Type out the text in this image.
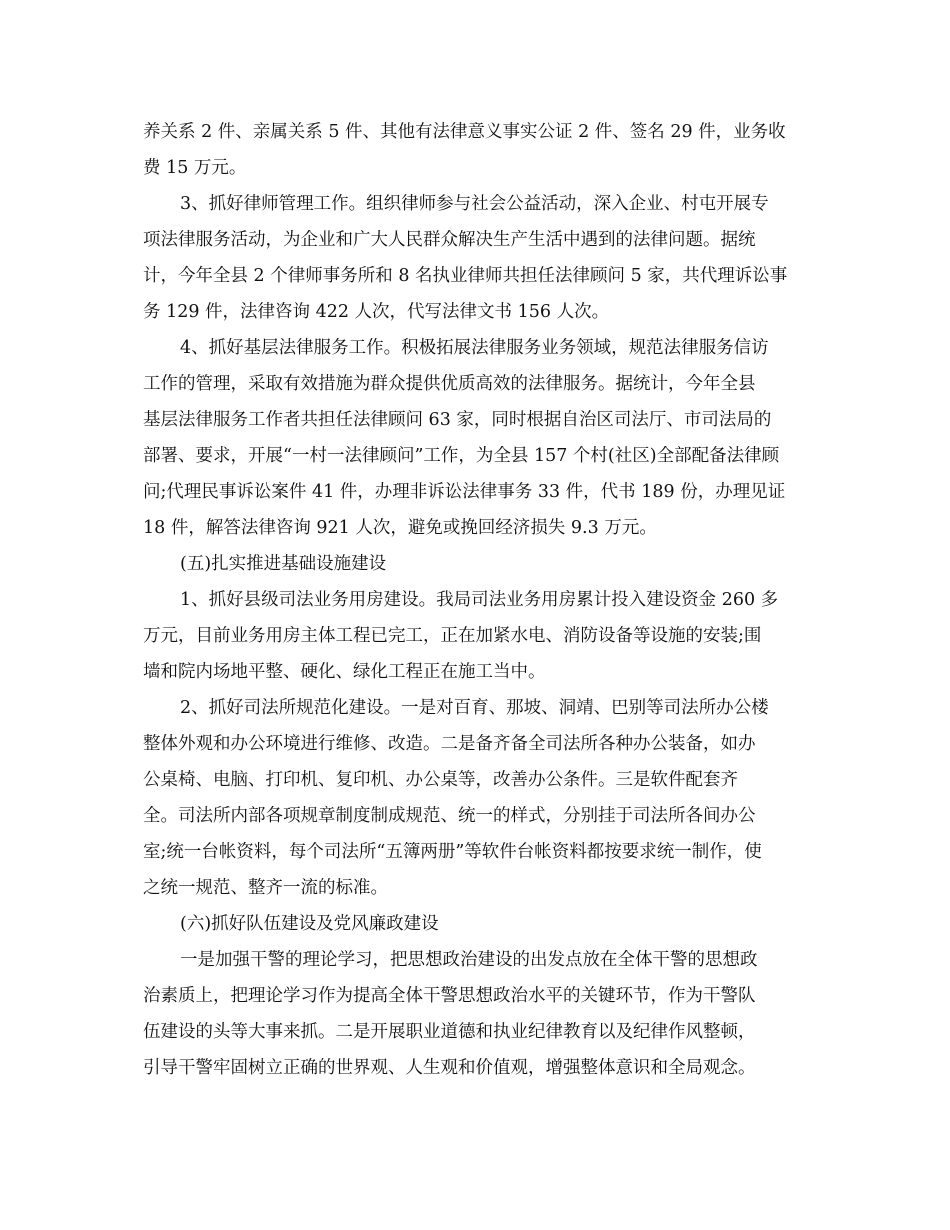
养关系 2 件、亲属关系 5 件、其他有法律意义事实公证 2 件、签名 29 件，业务收
费 15 万元。
3、抓好律师管理工作。组织律师参与社会公益活动，深入企业、村屯开展专
项法律服务活动，为企业和广大人民群众解决生产生活中遇到的法律问题。据统
计，今年全县 2 个律师事务所和 8 名执业律师共担任法律顾问 5 家，共代理诉讼事
务 129 件，法律咨询 422 人次，代写法律文书 156 人次。
4、抓好基层法律服务工作。积极拓展法律服务业务领域，规范法律服务信访
工作的管理，采取有效措施为群众提供优质高效的法律服务。据统计，今年全县
基层法律服务工作者共担任法律顾问 63 家，同时根据自治区司法厅、市司法局的
部署、要求，开展“一村一法律顾问”工作，为全县 157 个村(社区)全部配备法律顾
问;代理民事诉讼案件 41 件，办理非诉讼法律事务 33 件，代书 189 份，办理见证
18 件，解答法律咨询 921 人次，避免或挽回经济损失 9.3 万元。
(五)扎实推进基础设施建设
1、抓好县级司法业务用房建设。我局司法业务用房累计投入建设资金 260 多
万元，目前业务用房主体工程已完工，正在加紧水电、消防设备等设施的安装;围
墙和院内场地平整、硬化、绿化工程正在施工当中。
2、抓好司法所规范化建设。一是对百育、那坡、洞靖、巴别等司法所办公楼
整体外观和办公环境进行维修、改造。二是备齐备全司法所各种办公装备，如办
公桌椅、电脑、打印机、复印机、办公桌等，改善办公条件。三是软件配套齐
全。司法所内部各项规章制度制成规范、统一的样式，分别挂于司法所各间办公
室;统一台帐资料，每个司法所“五簿两册”等软件台帐资料都按要求统一制作，使
之统一规范、整齐一流的标准。
(六)抓好队伍建设及党风廉政建设
一是加强干警的理论学习，把思想政治建设的出发点放在全体干警的思想政
治素质上，把理论学习作为提高全体干警思想政治水平的关键环节，作为干警队
伍建设的头等大事来抓。二是开展职业道德和执业纪律教育以及纪律作风整顿，
引导干警牢固树立正确的世界观、人生观和价值观，增强整体意识和全局观念。
